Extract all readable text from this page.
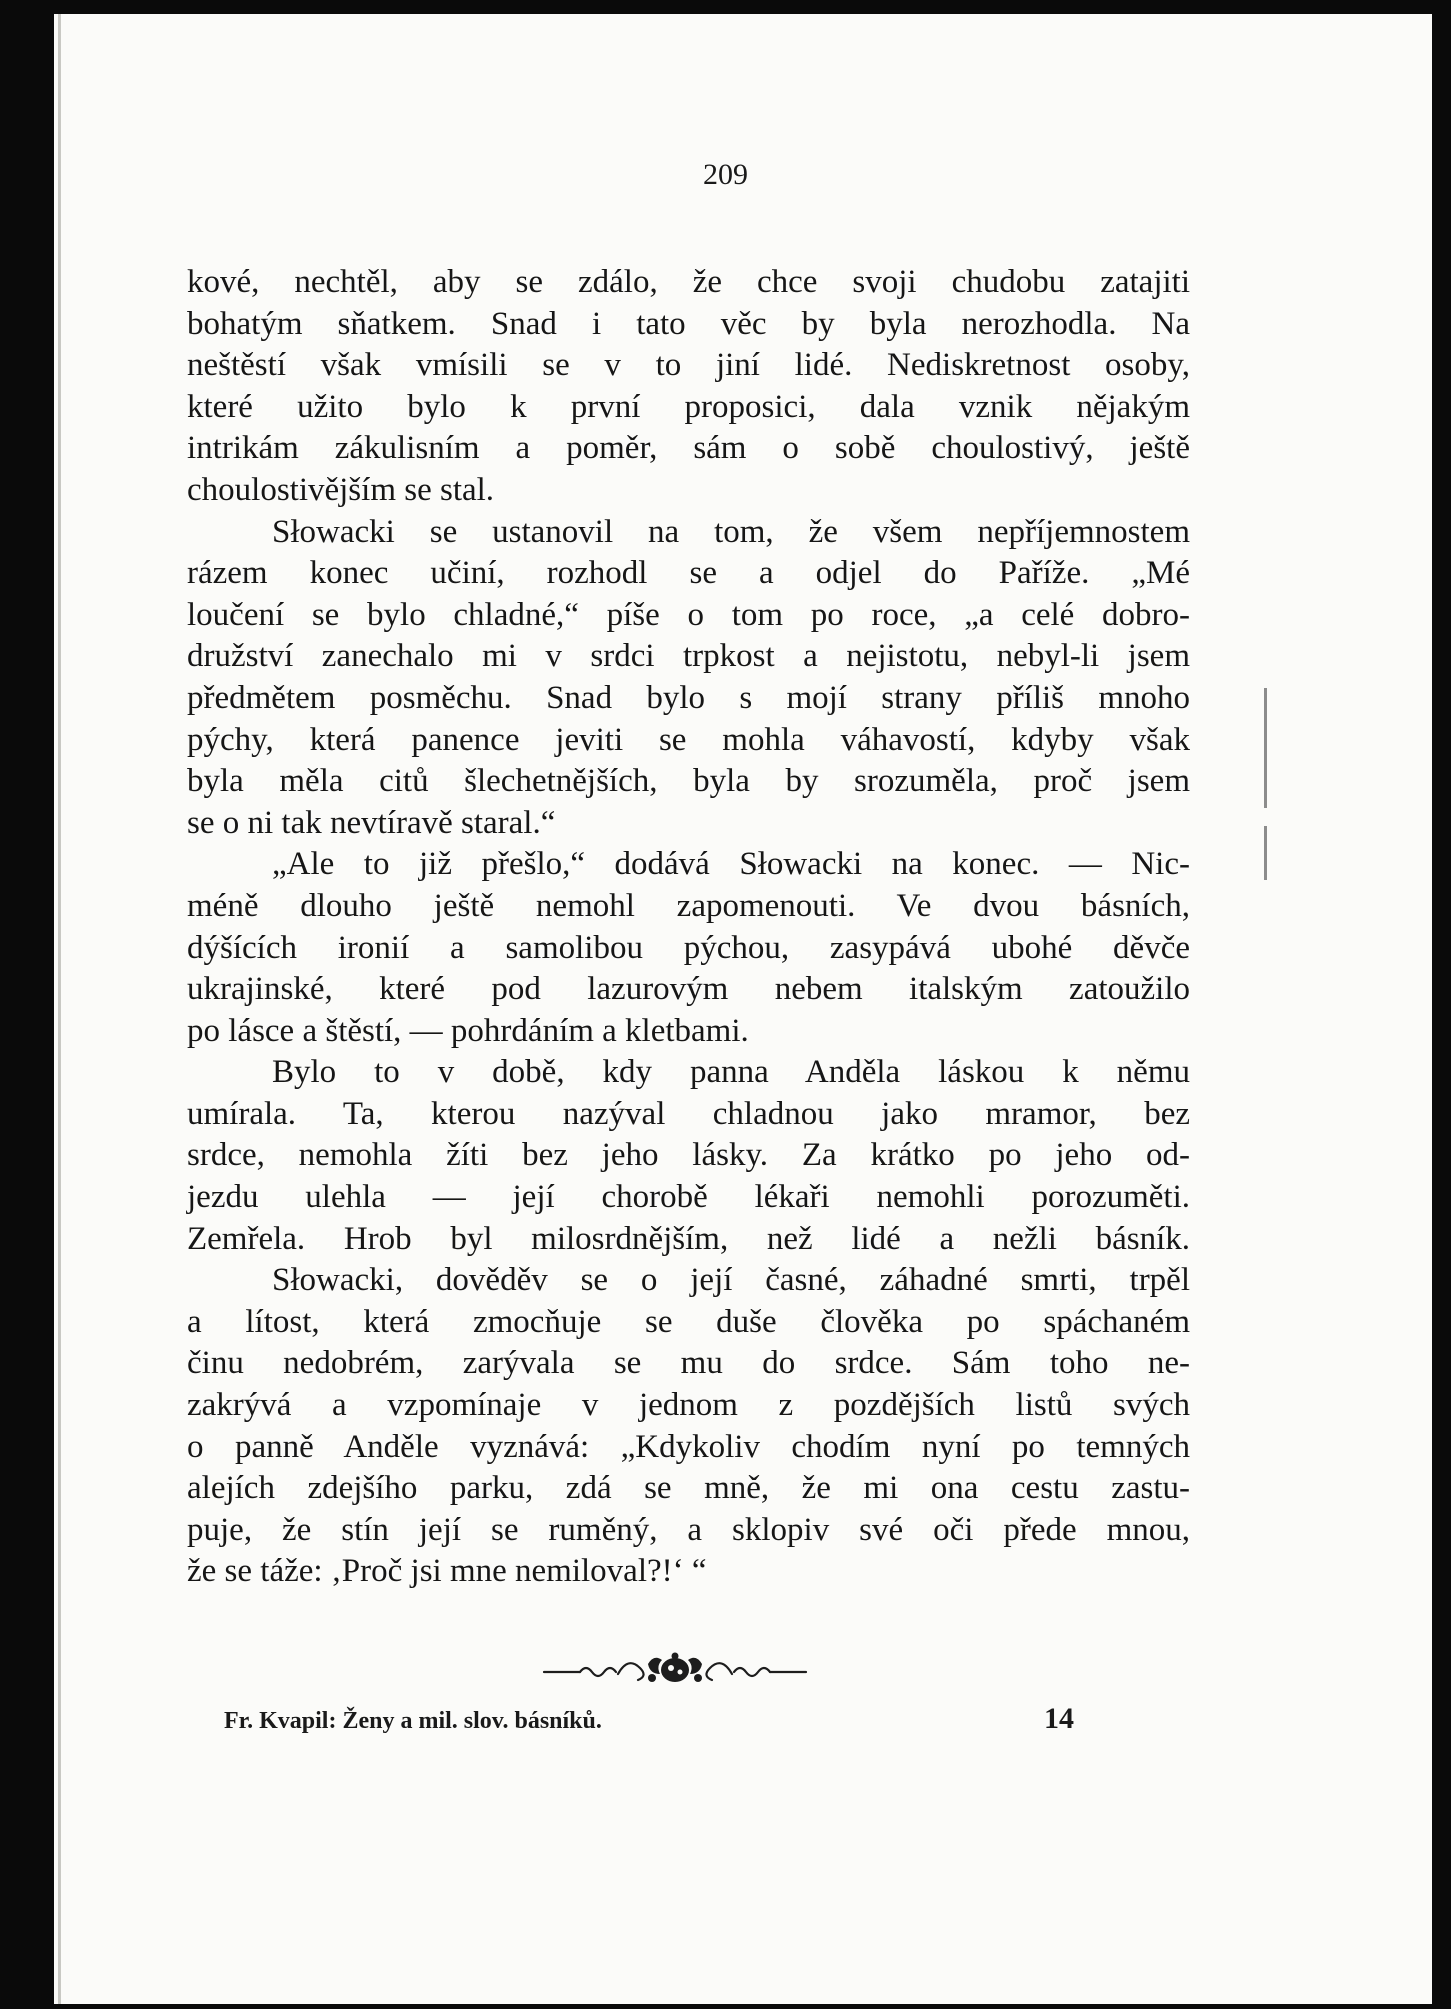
209
kové, nechtěl, aby se zdálo, že chce svoji chudobu zatajiti
bohatým sňatkem. Snad i tato věc by byla nerozhodla. Na
neštěstí však vmísili se v to jiní lidé. Nediskretnost osoby,
které užito bylo k první proposici, dala vznik nějakým
intrikám zákulisním a poměr, sám o sobě choulostivý, ještě
choulostivějším se stal.
Słowacki se ustanovil na tom, že všem nepříjemnostem
rázem konec učiní, rozhodl se a odjel do Paříže. „Mé
loučení se bylo chladné,“ píše o tom po roce, „a celé dobro-
družství zanechalo mi v srdci trpkost a nejistotu, nebyl-li jsem
předmětem posměchu. Snad bylo s mojí strany příliš mnoho
pýchy, která panence jeviti se mohla váhavostí, kdyby však
byla měla citů šlechetnějších, byla by srozuměla, proč jsem
se o ni tak nevtíravě staral.“
„Ale to již přešlo,“ dodává Słowacki na konec. — Nic-
méně dlouho ještě nemohl zapomenouti. Ve dvou básních,
dýšících ironií a samolibou pýchou, zasypává ubohé děvče
ukrajinské, které pod lazurovým nebem italským zatoužilo
po lásce a štěstí, — pohrdáním a kletbami.
Bylo to v době, kdy panna Anděla láskou k němu
umírala. Ta, kterou nazýval chladnou jako mramor, bez
srdce, nemohla žíti bez jeho lásky. Za krátko po jeho od-
jezdu ulehla — její chorobě lékaři nemohli porozuměti.
Zemřela. Hrob byl milosrdnějším, než lidé a nežli básník.
Słowacki, dověděv se o její časné, záhadné smrti, trpěl
a lítost, která zmocňuje se duše člověka po spáchaném
činu nedobrém, zarývala se mu do srdce. Sám toho ne-
zakrývá a vzpomínaje v jednom z pozdějších listů svých
o panně Anděle vyznává: „Kdykoliv chodím nyní po temných
alejích zdejšího parku, zdá se mně, že mi ona cestu zastu-
puje, že stín její se ruměný, a sklopiv své oči přede mnou,
že se táže: ‚Proč jsi mne nemiloval?!‘ “
Fr. Kvapil: Ženy a mil. slov. básníků.	14
